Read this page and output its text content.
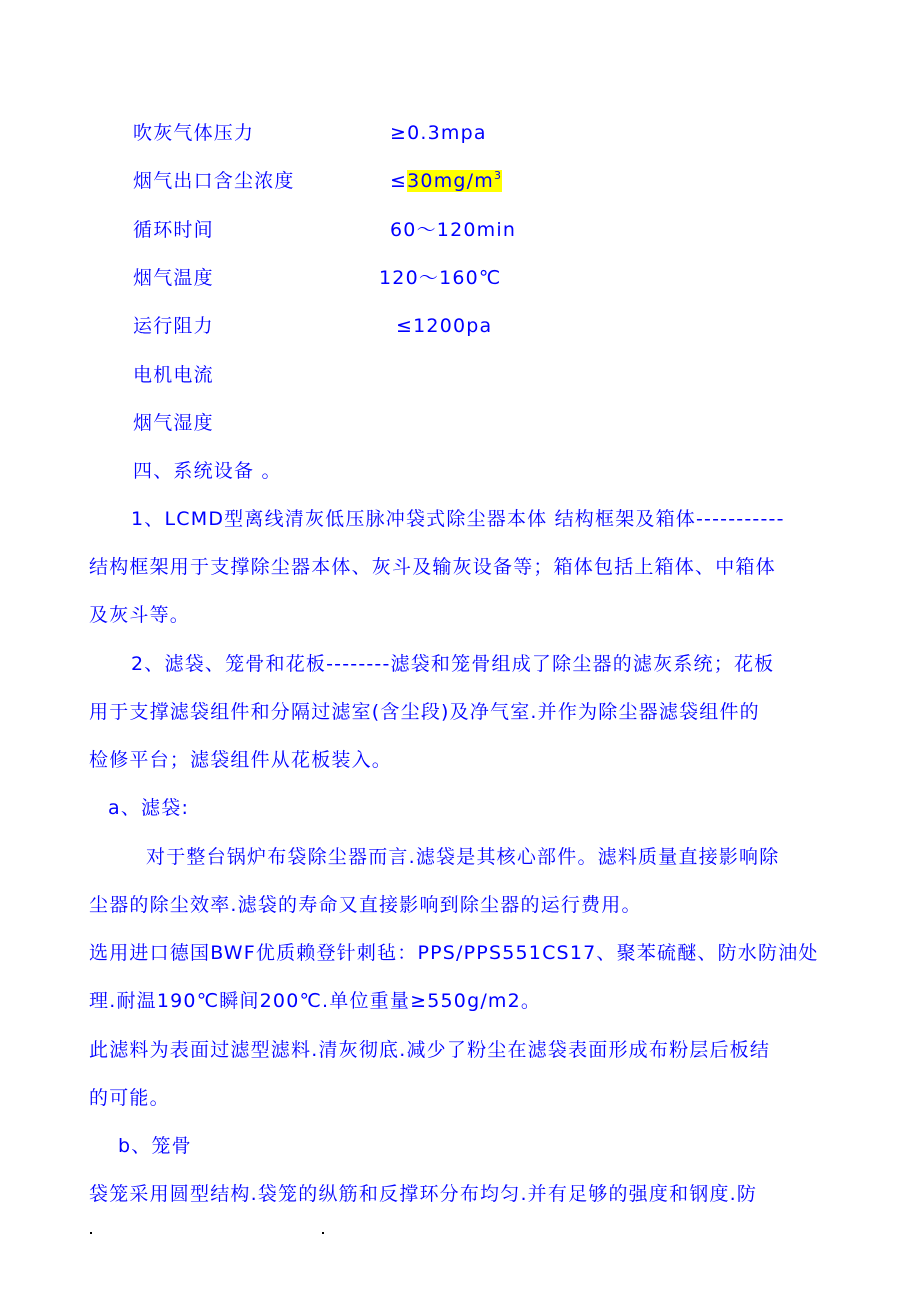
吹灰气体压力	≥0.3mpa
烟气出口含尘浓度	$\le 30mg/m^3$
循环时间	60～120min
烟气温度	120～160℃
运行阻力	≤1200pa
电机电流
烟气湿度
四、系统设备 。
1、LCMD型离线清灰低压脉冲袋式除尘器本体 结构框架及箱体-----------
结构框架用于支撑除尘器本体、灰斗及输灰设备等；箱体包括上箱体、中箱体
及灰斗等。
2、滤袋、笼骨和花板--------滤袋和笼骨组成了除尘器的滤灰系统；花板
用于支撑滤袋组件和分隔过滤室(含尘段)及净气室.并作为除尘器滤袋组件的
检修平台；滤袋组件从花板装入。
a、滤袋:
对于整台锅炉布袋除尘器而言.滤袋是其核心部件。滤料质量直接影响除
尘器的除尘效率.滤袋的寿命又直接影响到除尘器的运行费用。
选用进口德国BWF优质赖登针刺毡：PPS/PPS551CS17、聚苯硫醚、防水防油处
理.耐温190℃瞬间200℃.单位重量≥550g/m2。
此滤料为表面过滤型滤料.清灰彻底.减少了粉尘在滤袋表面形成布粉层后板结
的可能。
b、笼骨
袋笼采用圆型结构.袋笼的纵筋和反撑环分布均匀.并有足够的强度和钢度.防
